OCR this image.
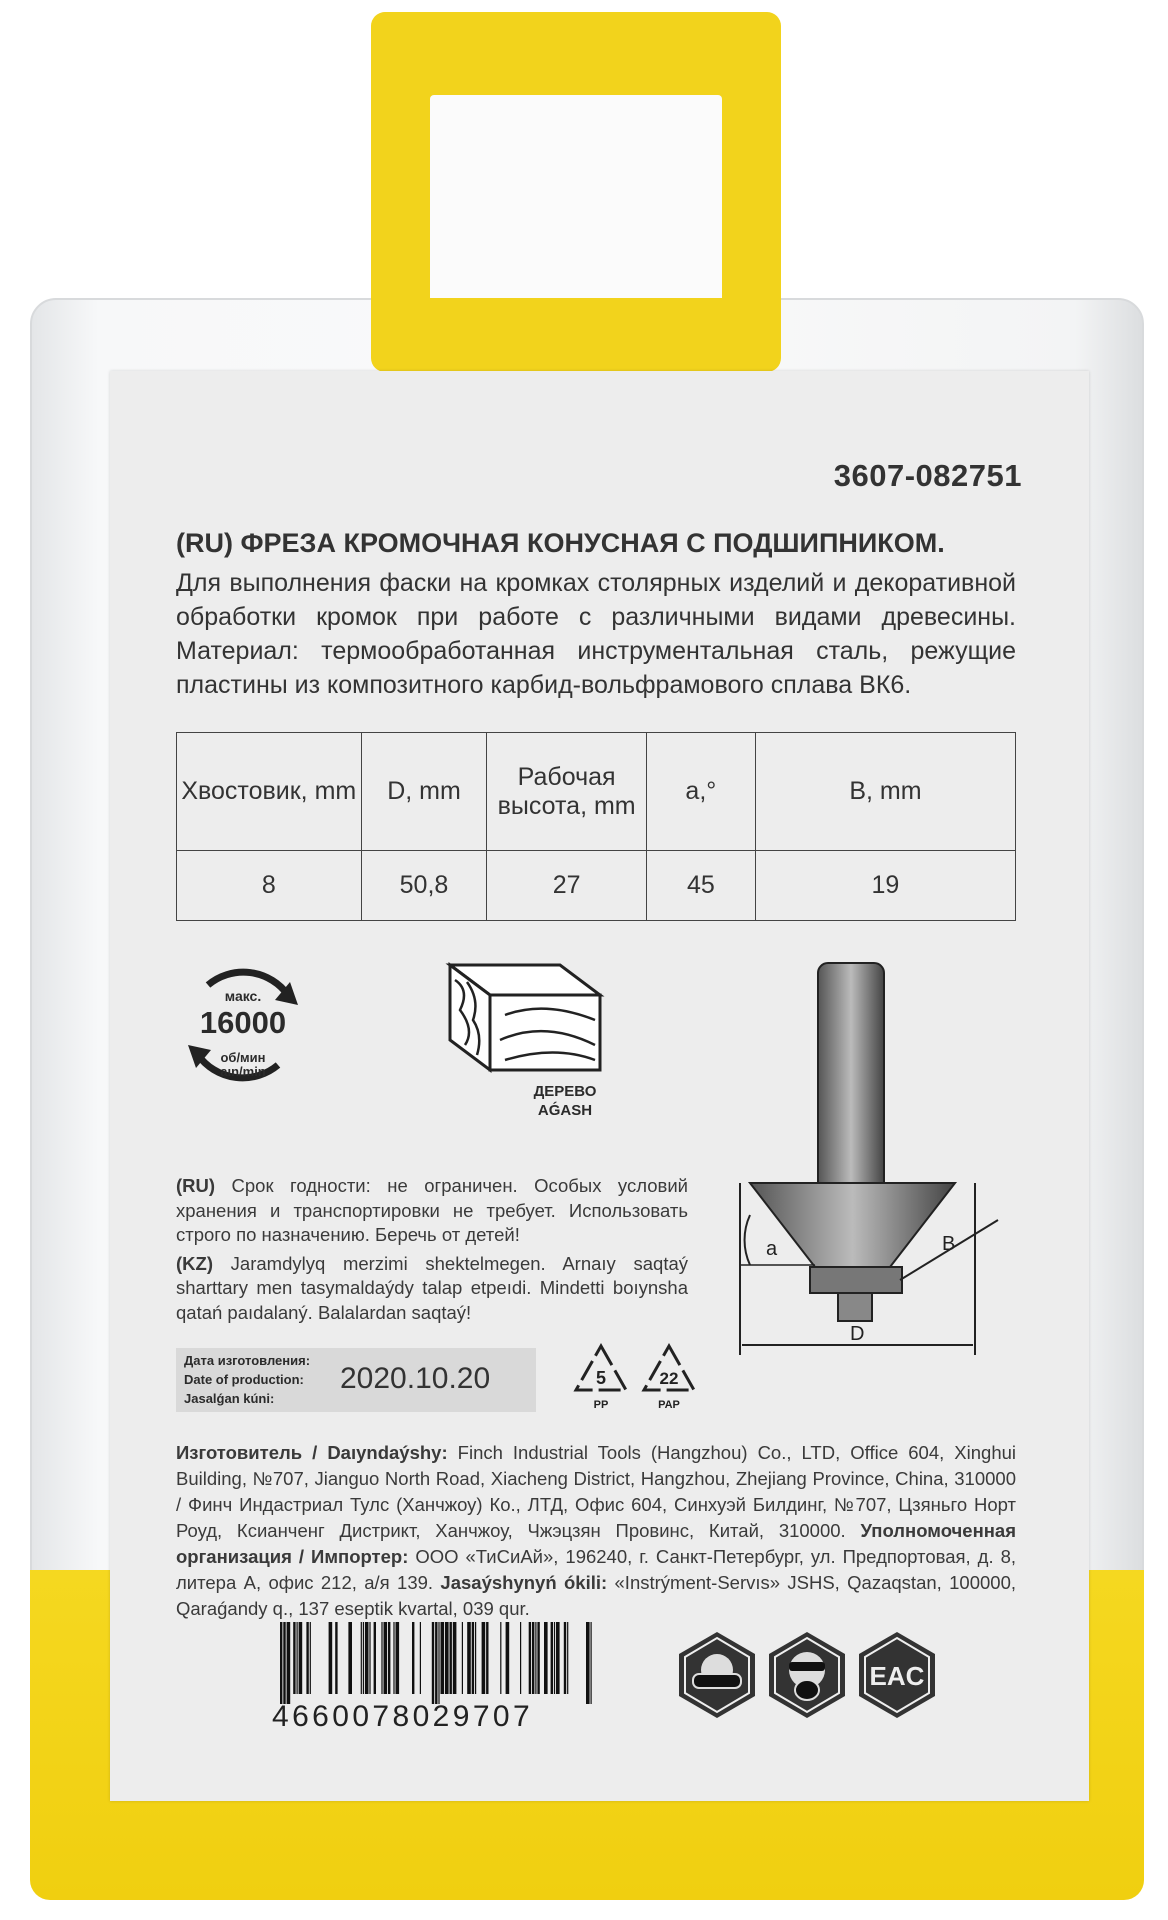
3607-082751
(RU) ФРЕЗА КРОМОЧНАЯ КОНУСНАЯ С ПОДШИПНИКОМ.
Для выполнения фаски на кромках столярных изделий и декоративной обработки кромок при работе с различными видами древесины. Материал: термообработанная инструментальная сталь, режущие пластины из композитного карбид-вольфрамового сплава ВК6.
Хвостовик, mm	D, mm	Рабочая высота, mm	a,°	B, mm
8	50,8	27	45	19
макс.
16000
об/мин
aın/min
ДЕРЕВО
AǴASH
a	B
D

(RU) Срок годности: не ограничен. Особых условий хранения и транспортировки не требует. Использовать строго по назначению. Беречь от детей!

(KZ) Jaramdylyq merzimi shektelmegen. Arnaıy saqtaý sharttary men tasymaldaýdy talap etpeıdi. Mindetti boıynsha qatań paıdalaný. Balalardan saqtaý!

Дата изготовления:
Date of production:
Jasalǵan kúni:
2020.10.20	5
PP
22
PAP
Изготовитель / Daıyndaýshy: Finch Industrial Tools (Hangzhou) Co., LTD, Office 604, Xinghui Building, №707, Jianguo North Road, Xiacheng District, Hangzhou, Zhejiang Province, China, 310000 / Финч Индастриал Тулс (Ханчжоу) Ко., ЛТД, Офис 604, Синхуэй Билдинг, №707, Цзяньго Норт Роуд, Ксианченг Дистрикт, Ханчжоу, Чжэцзян Провинс, Китай, 310000. Уполномоченная организация / Импортер: ООО «ТиСиАй», 196240, г. Санкт-Петербург, ул. Предпортовая, д. 8, литера А, офис 212, а/я 139. Jasaýshynyń ókili: «Instrýment-Servıs» JSHS, Qazaqstan, 100000, Qaraǵandy q., 137 eseptik kvartal, 039 qur.
4660078029707
EAC
